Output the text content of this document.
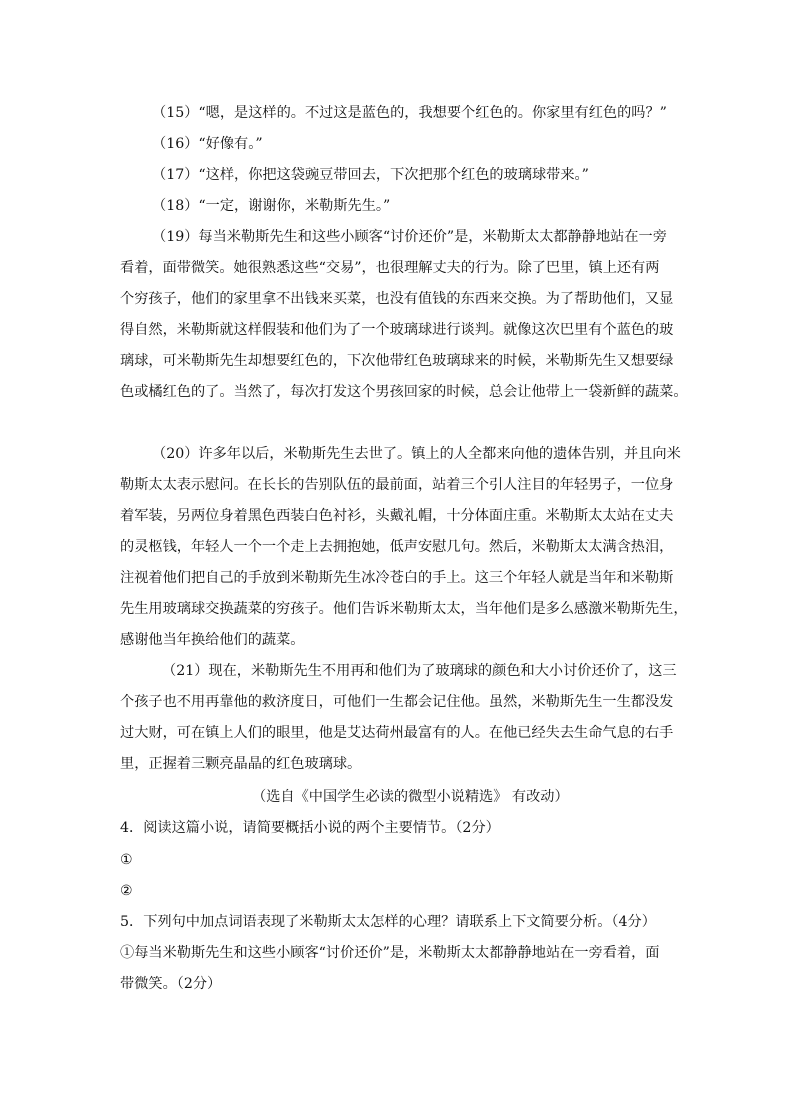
（15）“嗯，是这样的。不过这是蓝色的，我想要个红色的。你家里有红色的吗？”

（16）“好像有。”

（17）“这样，你把这袋豌豆带回去，下次把那个红色的玻璃球带来。”

（18）“一定，谢谢你，米勒斯先生。”

（19）每当米勒斯先生和这些小顾客“讨价还价”是，米勒斯太太都静静地站在一旁

看着，面带微笑。她很熟悉这些“交易”，也很理解丈夫的行为。除了巴里，镇上还有两

个穷孩子，他们的家里拿不出钱来买菜，也没有值钱的东西来交换。为了帮助他们，又显

得自然，米勒斯就这样假装和他们为了一个玻璃球进行谈判。就像这次巴里有个蓝色的玻

璃球，可米勒斯先生却想要红色的，下次他带红色玻璃球来的时候，米勒斯先生又想要绿

色或橘红色的了。当然了，每次打发这个男孩回家的时候，总会让他带上一袋新鲜的蔬菜。

（20）许多年以后，米勒斯先生去世了。镇上的人全都来向他的遗体告别，并且向米

勒斯太太表示慰问。在长长的告别队伍的最前面，站着三个引人注目的年轻男子，一位身

着军装，另两位身着黑色西装白色衬衫，头戴礼帽，十分体面庄重。米勒斯太太站在丈夫

的灵柩钱，年轻人一个一个走上去拥抱她，低声安慰几句。然后，米勒斯太太满含热泪，

注视着他们把自己的手放到米勒斯先生冰冷苍白的手上。这三个年轻人就是当年和米勒斯

先生用玻璃球交换蔬菜的穷孩子。他们告诉米勒斯太太，当年他们是多么感激米勒斯先生，

感谢他当年换给他们的蔬菜。

（21）现在，米勒斯先生不用再和他们为了玻璃球的颜色和大小讨价还价了，这三

个孩子也不用再靠他的救济度日，可他们一生都会记住他。虽然，米勒斯先生一生都没发

过大财，可在镇上人们的眼里，他是艾达荷州最富有的人。在他已经失去生命气息的右手

里，正握着三颗亮晶晶的红色玻璃球。

（选自《中国学生必读的微型小说精选》 有改动）

4．阅读这篇小说，请简要概括小说的两个主要情节。（2分）

①

②

5．下列句中加点词语表现了米勒斯太太怎样的心理？请联系上下文简要分析。（4分）

①每当米勒斯先生和这些小顾客“讨价还价”是，米勒斯太太都静静地站在一旁看着，面

带微笑。（2分）
